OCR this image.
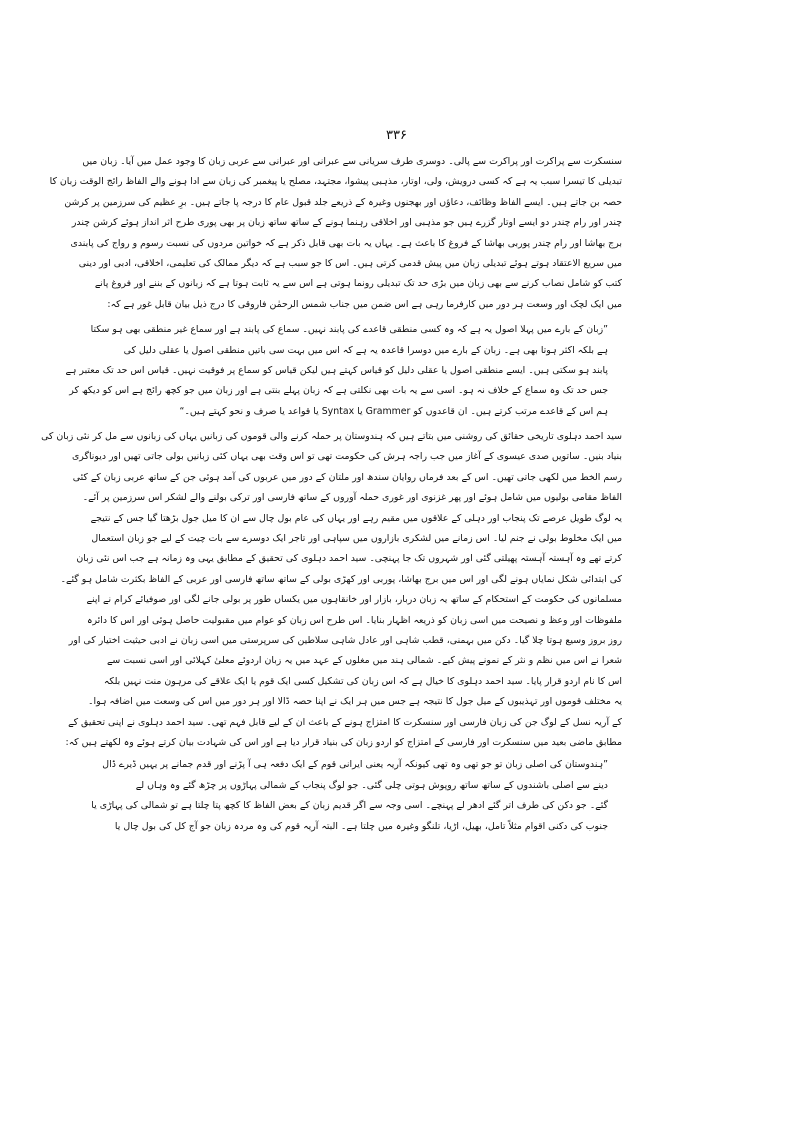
۳۳۶
سنسکرت سے پراکرت اور پراکرت سے پالی۔ دوسری طرف سریانی سے عبرانی اور عبرانی سے عربی زبان کا وجود عمل میں آیا۔ زبان میں
تبدیلی کا تیسرا سبب یہ ہے کہ کسی درویش، ولی، اوتار، مذہبی پیشوا، مجتہد، مصلح یا پیغمبر کی زبان سے ادا ہونے والے الفاظ رائج الوقت زبان کا
حصہ بن جاتے ہیں۔ ایسے الفاظ وظائف، دعاؤں اور بھجنوں وغیرہ کے ذریعے جلد قبول عام کا درجہ پا جاتے ہیں۔ برِ عظیم کی سرزمین پر کرشن
چندر اور رام چندر دو ایسے اوتار گزرے ہیں جو مذہبی اور اخلاقی رہنما ہونے کے ساتھ ساتھ زبان پر بھی پوری طرح اثر انداز ہوئے کرشن چندر
برج بھاشا اور رام چندر پوربی بھاشا کے فروغ کا باعث ہے۔ یہاں یہ بات بھی قابل ذکر ہے کہ خواتین مردوں کی نسبت رسوم و رواج کی پابندی
میں سریع الاعتقاد ہوتے ہوئے تبدیلی زبان میں پیش قدمی کرتی ہیں۔ اس کا جو سبب ہے کہ دیگر ممالک کی تعلیمی، اخلاقی، ادبی اور دینی
کتب کو شامل نصاب کرنے سے بھی زبان میں بڑی حد تک تبدیلی رونما ہوتی ہے اس سے یہ ثابت ہوتا ہے کہ زبانوں کے بننے اور فروغ پانے
میں ایک لچک اور وسعت ہر دور میں کارفرما رہی ہے اس ضمن میں جناب شمس الرحمٰن فاروقی کا درج ذیل بیان قابل غور ہے کہ:
”زبان کے بارے میں پہلا اصول یہ ہے کہ وہ کسی منطقی قاعدے کی پابند نہیں۔ سماع کی پابند ہے اور سماع غیر منطقی بھی ہو سکتا
ہے بلکہ اکثر ہوتا بھی ہے۔ زبان کے بارے میں دوسرا قاعدہ یہ ہے کہ اس میں بہت سی باتیں منطقی اصول یا عقلی دلیل کی
پابند ہو سکتی ہیں۔ ایسے منطقی اصول یا عقلی دلیل کو قیاس کہتے ہیں لیکن قیاس کو سماع پر فوقیت نہیں۔ قیاس اس حد تک معتبر ہے
جس حد تک وہ سماع کے خلاف نہ ہو۔ اسی سے یہ بات بھی نکلتی ہے کہ زبان پہلے بنتی ہے اور زبان میں جو کچھ رائج ہے اس کو دیکھ کر
ہم اس کے قاعدے مرتب کرتے ہیں۔ ان قاعدوں کو Grammer یا Syntax یا قواعد یا صرف و نحو کہتے ہیں۔“
سید احمد دہلوی تاریخی حقائق کی روشنی میں بتاتے ہیں کہ ہندوستان پر حملہ کرنے والی قوموں کی زبانیں یہاں کی زبانوں سے مل کر نئی زبان کی
بنیاد بنیں۔ ساتویں صدی عیسوی کے آغاز میں جب راجہ ہرش کی حکومت تھی تو اس وقت بھی یہاں کئی زبانیں بولی جاتی تھیں اور دیوناگری
رسم الخط میں لکھی جاتی تھیں۔ اس کے بعد فرماں روایان سندھ اور ملتان کے دور میں عربوں کی آمد ہوئی جن کے ساتھ عربی زبان کے کئی
الفاظ مقامی بولیوں میں شامل ہوئے اور پھر غزنوی اور غوری حملہ آوروں کے ساتھ فارسی اور ترکی بولنے والے لشکر اس سرزمین پر آئے۔
یہ لوگ طویل عرصے تک پنجاب اور دہلی کے علاقوں میں مقیم رہے اور یہاں کی عام بول چال سے ان کا میل جول بڑھتا گیا جس کے نتیجے
میں ایک مخلوط بولی نے جنم لیا۔ اس زمانے میں لشکری بازاروں میں سپاہی اور تاجر ایک دوسرے سے بات چیت کے لیے جو زبان استعمال
کرتے تھے وہ آہستہ آہستہ پھیلتی گئی اور شہروں تک جا پہنچی۔ سید احمد دہلوی کی تحقیق کے مطابق یہی وہ زمانہ ہے جب اس نئی زبان
کی ابتدائی شکل نمایاں ہونے لگی اور اس میں برج بھاشا، پوربی اور کھڑی بولی کے ساتھ ساتھ فارسی اور عربی کے الفاظ بکثرت شامل ہو گئے۔
مسلمانوں کی حکومت کے استحکام کے ساتھ یہ زبان دربار، بازار اور خانقاہوں میں یکساں طور پر بولی جانے لگی اور صوفیائے کرام نے اپنے
ملفوظات اور وعظ و نصیحت میں اسی زبان کو ذریعہ اظہار بنایا۔ اس طرح اس زبان کو عوام میں مقبولیت حاصل ہوئی اور اس کا دائرہ
روز بروز وسیع ہوتا چلا گیا۔ دکن میں بہمنی، قطب شاہی اور عادل شاہی سلاطین کی سرپرستی میں اسی زبان نے ادبی حیثیت اختیار کی اور
شعرا نے اس میں نظم و نثر کے نمونے پیش کیے۔ شمالی ہند میں مغلوں کے عہد میں یہ زبان اردوئے معلیٰ کہلائی اور اسی نسبت سے
اس کا نام اردو قرار پایا۔ سید احمد دہلوی کا خیال ہے کہ اس زبان کی تشکیل کسی ایک قوم یا ایک علاقے کی مرہون منت نہیں بلکہ
یہ مختلف قوموں اور تہذیبوں کے میل جول کا نتیجہ ہے جس میں ہر ایک نے اپنا حصہ ڈالا اور ہر دور میں اس کی وسعت میں اضافہ ہوا۔
کے آریہ نسل کے لوگ جن کی زبان فارسی اور سنسکرت کا امتزاج ہونے کے باعث ان کے لیے قابل فہم تھی۔ سید احمد دہلوی نے اپنی تحقیق کے
مطابق ماضی بعید میں سنسکرت اور فارسی کے امتزاج کو اردو زبان کی بنیاد قرار دیا ہے اور اس کی شہادت بیان کرتے ہوئے وہ لکھتے ہیں کہ:
”ہندوستان کی اصلی زبان تو جو تھی وہ تھی کیونکہ آریہ یعنی ایرانی قوم کے ایک دفعہ ہی آ پڑنے اور قدم جمانے پر یہیں ڈیرے ڈال
دینے سے اصلی باشندوں کے ساتھ ساتھ روپوش ہوتی چلی گئی۔ جو لوگ پنجاب کے شمالی پہاڑوں پر چڑھ گئے وہ وہاں لے
گئے۔ جو دکن کی طرف اتر گئے ادھر لے پہنچے۔ اسی وجہ سے اگر قدیم زبان کے بعض الفاظ کا کچھ پتا چلتا ہے تو شمالی کی پہاڑی یا
جنوب کی دکنی اقوام مثلاً تامل، بھیل، اڑیا، تلنگو وغیرہ میں چلتا ہے۔ البتہ آریہ قوم کی وہ مردہ زبان جو آج کل کی بول چال یا
